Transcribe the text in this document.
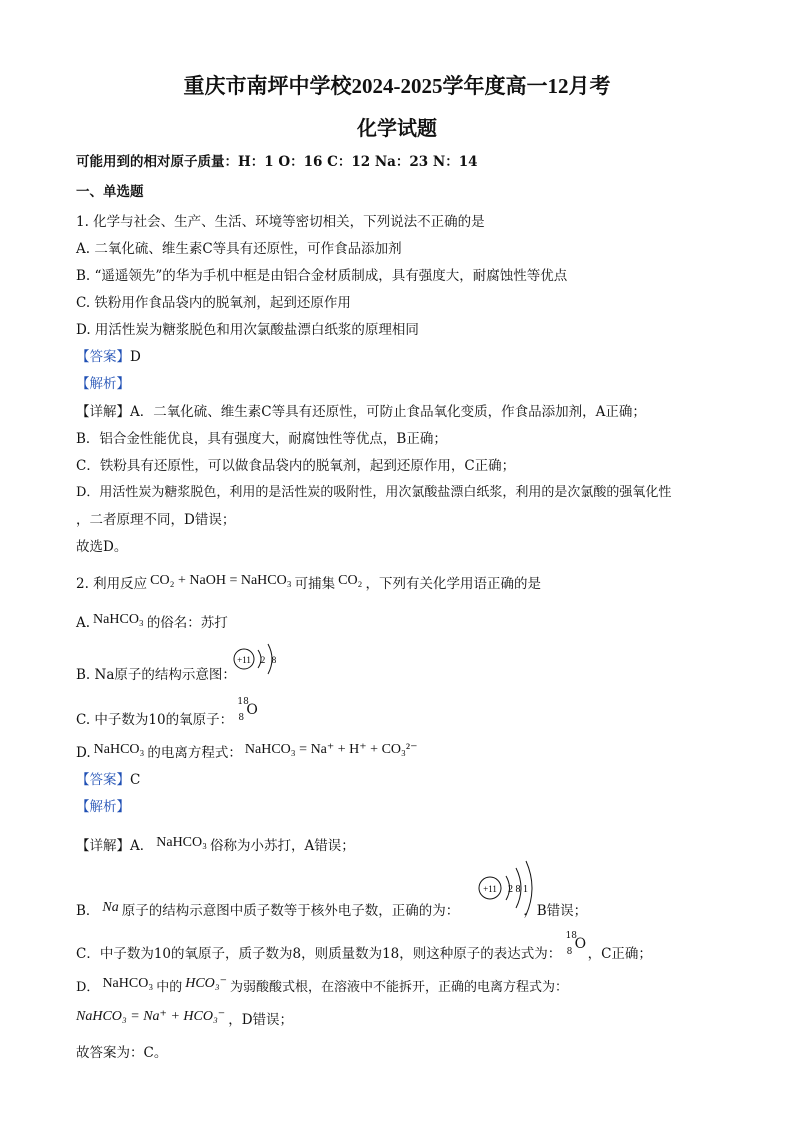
重庆市南坪中学校2024-2025学年度高一12月考
化学试题
可能用到的相对原子质量：H：1 O：16 C：12 Na：23 N：14
一、单选题
1. 化学与社会、生产、生活、环境等密切相关，下列说法不正确的是
A. 二氧化硫、维生素C等具有还原性，可作食品添加剂
B. “遥遥领先”的华为手机中框是由铝合金材质制成，具有强度大，耐腐蚀性等优点
C. 铁粉用作食品袋内的脱氧剂，起到还原作用
D. 用活性炭为糖浆脱色和用次氯酸盐漂白纸浆的原理相同
【答案】D
【解析】
【详解】A．二氧化硫、维生素C等具有还原性，可防止食品氧化变质，作食品添加剂，A正确；
B．铝合金性能优良，具有强度大，耐腐蚀性等优点，B正确；
C．铁粉具有还原性，可以做食品袋内的脱氧剂，起到还原作用，C正确；
D．用活性炭为糖浆脱色，利用的是活性炭的吸附性，用次氯酸盐漂白纸浆，利用的是次氯酸的强氧化性
，二者原理不同，D错误；
故选D。
2. 利用反应 CO₂ + NaOH = NaHCO₃ 可捕集 CO₂ ，下列有关化学用语正确的是
A. NaHCO₃ 的俗名：苏打
B. Na原子的结构示意图：
+11 2 8
C. 中子数为10的氧原子：
18
8 O
D. NaHCO₃ 的电离方程式： NaHCO₃ = Na⁺ + H⁺ + CO₃²⁻
【答案】C
【解析】
【详解】A． NaHCO₃ 俗称为小苏打，A错误；
B． Na 原子的结构示意图中质子数等于核外电子数，正确的为：	，B错误；
+11 2 8 1
C．中子数为10的氧原子，质子数为8，则质量数为18，则这种原子的表达式为：
18
8 O
，C正确；
D． NaHCO₃ 中的 HCO₃⁻ 为弱酸酸式根，在溶液中不能拆开，正确的电离方程式为：
NaHCO₃ = Na⁺ + HCO₃⁻ ，D错误；
故答案为：C。
